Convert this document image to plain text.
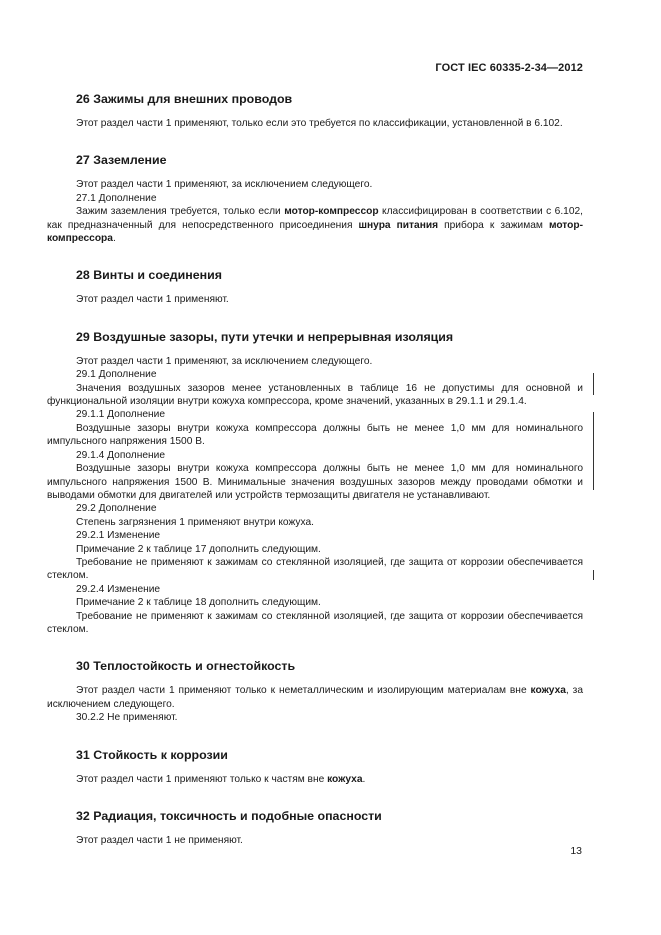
ГОСТ IEC 60335-2-34—2012
26 Зажимы для внешних проводов

Этот раздел части 1 применяют, только если это требуется по классификации, установленной в 6.102.

27 Заземление

Этот раздел части 1 применяют, за исключением следующего.

27.1 Дополнение

Зажим заземления требуется, только если мотор-компрессор классифицирован в соответствии с 6.102, как предназначенный для непосредственного присоединения шнура питания прибора к зажимам мотор-компрессора.

28 Винты и соединения

Этот раздел части 1 применяют.

29 Воздушные зазоры, пути утечки и непрерывная изоляция

Этот раздел части 1 применяют, за исключением следующего.

29.1 Дополнение

Значения воздушных зазоров менее установленных в таблице 16 не допустимы для основной и функциональной изоляции внутри кожуха компрессора, кроме значений, указанных в 29.1.1 и 29.1.4.

29.1.1 Дополнение

Воздушные зазоры внутри кожуха компрессора должны быть не менее 1,0 мм для номинального импульсного напряжения 1500 В.

29.1.4 Дополнение

Воздушные зазоры внутри кожуха компрессора должны быть не менее 1,0 мм для номинального импульсного напряжения 1500 В. Минимальные значения воздушных зазоров между проводами обмотки и выводами обмотки для двигателей или устройств термозащиты двигателя не устанавливают.

29.2 Дополнение

Степень загрязнения 1 применяют внутри кожуха.

29.2.1 Изменение

Примечание 2 к таблице 17 дополнить следующим.

Требование не применяют к зажимам со стеклянной изоляцией, где защита от коррозии обеспечивается стеклом.

29.2.4 Изменение

Примечание 2 к таблице 18 дополнить следующим.

Требование не применяют к зажимам со стеклянной изоляцией, где защита от коррозии обеспечивается стеклом.

30 Теплостойкость и огнестойкость

Этот раздел части 1 применяют только к неметаллическим и изолирующим материалам вне кожуха, за исключением следующего.

30.2.2 Не применяют.
31 Стойкость к коррозии

Этот раздел части 1 применяют только к частям вне кожуха.

32 Радиация, токсичность и подобные опасности

Этот раздел части 1 не применяют.

13
